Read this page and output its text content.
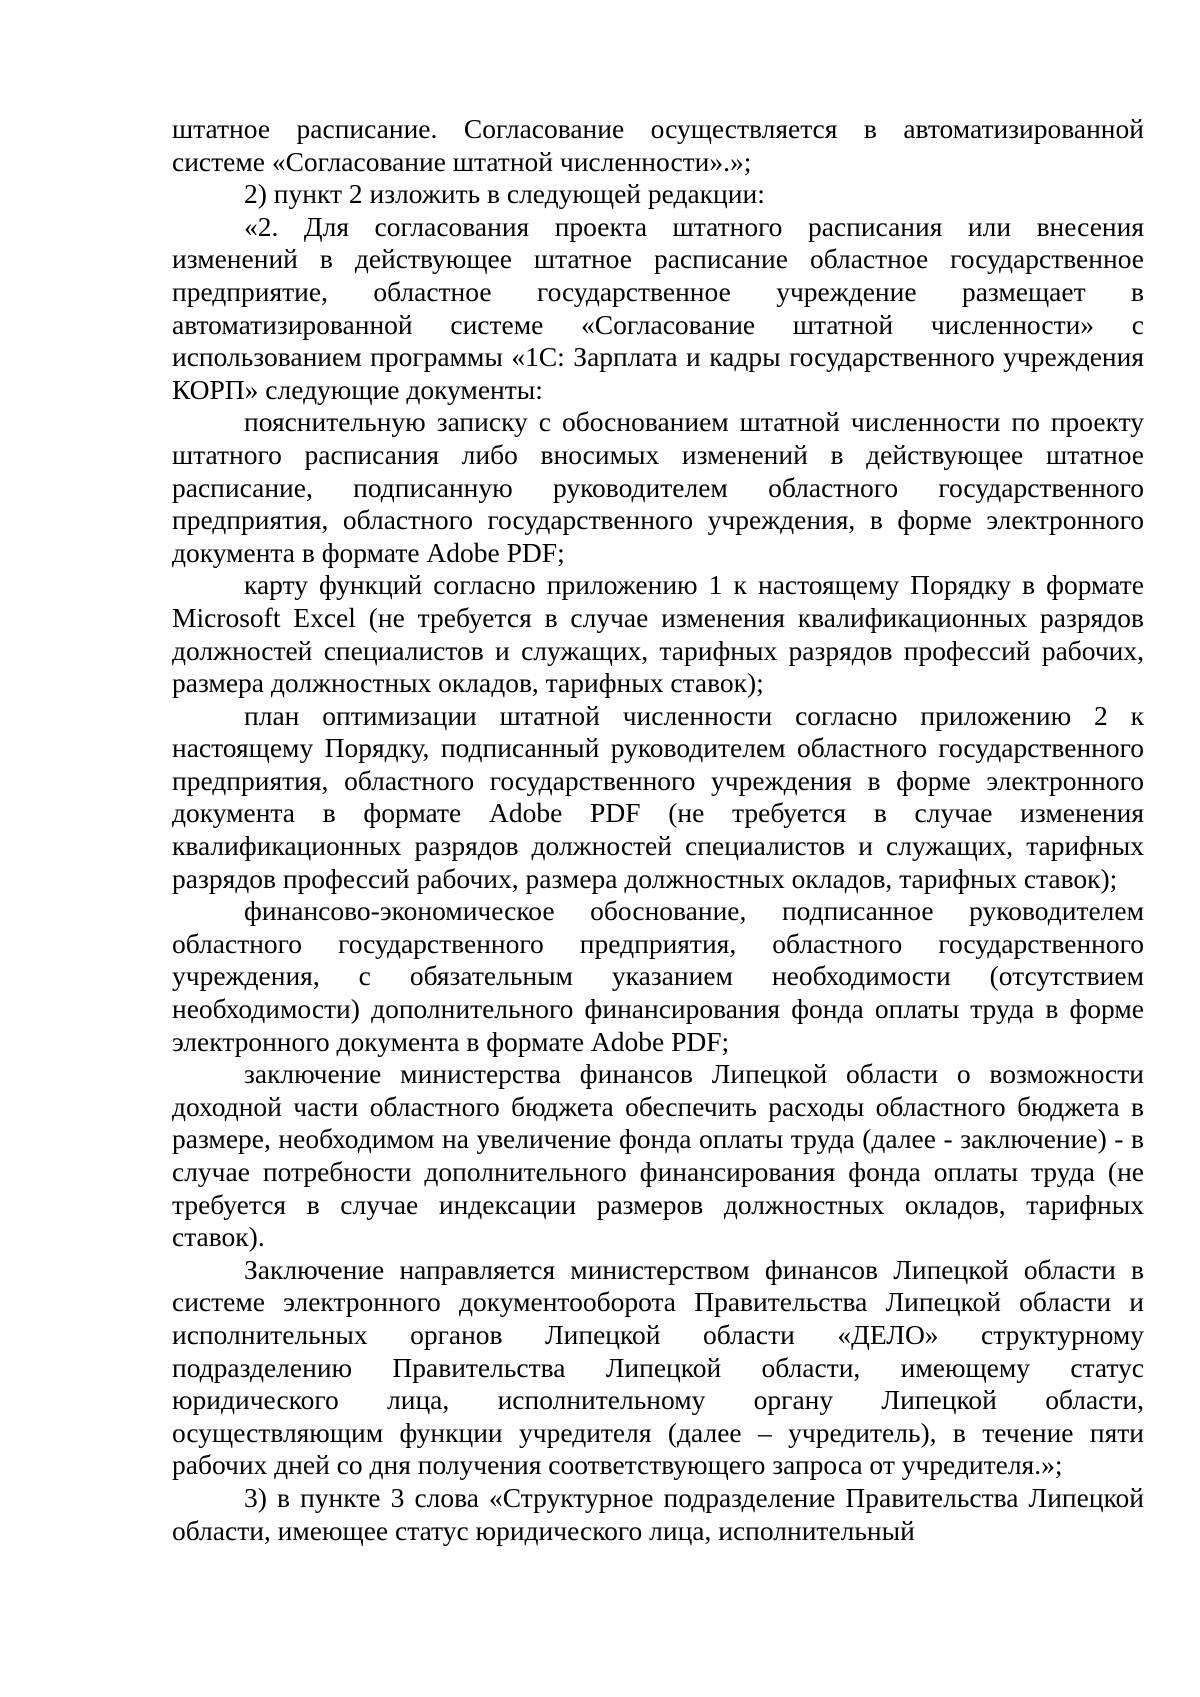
штатное расписание. Согласование осуществляется в автоматизированной системе «Согласование штатной численности».»;

2) пункт 2 изложить в следующей редакции:

«2. Для согласования проекта штатного расписания или внесения изменений в действующее штатное расписание областное государственное предприятие, областное государственное учреждение размещает в автоматизированной системе «Согласование штатной численности» с использованием программы «1С: Зарплата и кадры государственного учреждения КОРП» следующие документы:

пояснительную записку с обоснованием штатной численности по проекту штатного расписания либо вносимых изменений в действующее штатное расписание, подписанную руководителем областного государственного предприятия, областного государственного учреждения, в форме электронного документа в формате Adobe PDF;

карту функций согласно приложению 1 к настоящему Порядку в формате Microsoft Excel (не требуется в случае изменения квалификационных разрядов должностей специалистов и служащих, тарифных разрядов профессий рабочих, размера должностных окладов, тарифных ставок);

план оптимизации штатной численности согласно приложению 2 к настоящему Порядку, подписанный руководителем областного государственного предприятия, областного государственного учреждения в форме электронного документа в формате Adobe PDF (не требуется в случае изменения квалификационных разрядов должностей специалистов и служащих, тарифных разрядов профессий рабочих, размера должностных окладов, тарифных ставок);

финансово-экономическое обоснование, подписанное руководителем областного государственного предприятия, областного государственного учреждения, с обязательным указанием необходимости (отсутствием необходимости) дополнительного финансирования фонда оплаты труда в форме электронного документа в формате Adobe PDF;

заключение министерства финансов Липецкой области о возможности доходной части областного бюджета обеспечить расходы областного бюджета в размере, необходимом на увеличение фонда оплаты труда (далее - заключение) - в случае потребности дополнительного финансирования фонда оплаты труда (не требуется в случае индексации размеров должностных окладов, тарифных ставок).

Заключение направляется министерством финансов Липецкой области в системе электронного документооборота Правительства Липецкой области и исполнительных органов Липецкой области «ДЕЛО» структурному подразделению Правительства Липецкой области, имеющему статус юридического лица, исполнительному органу Липецкой области, осуществляющим функции учредителя (далее – учредитель), в течение пяти рабочих дней со дня получения соответствующего запроса от учредителя.»;

3) в пункте 3 слова «Структурное подразделение Правительства Липецкой области, имеющее статус юридического лица, исполнительный
